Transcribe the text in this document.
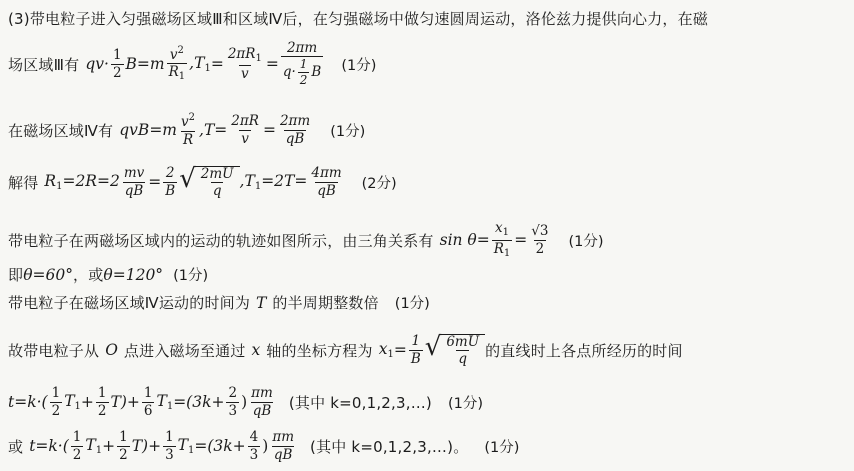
(3)带电粒子进入匀强磁场区域Ⅲ和区域Ⅳ后，在匀强磁场中做匀速圆周运动，洛伦兹力提供向心力，在磁
场区域Ⅲ有 $qv\cdot \frac{1}{2} B=m \frac{v^2}{R_1} ,T_1 = \frac{2\pi R_1}{v} = \frac{2\pi m}{q\cdot \frac{1}{2} B} (1$分)
在磁场区域Ⅳ有 $qvB=m \frac{v^2}{R} ,T= \frac{2\pi R}{v} = \frac{2\pi m}{qB} (1$分)
解得 $R_1=2R=2 \frac{mv}{qB} = \frac{2}{B}$ √ $\frac{2mU}{q} ,T_1=2T= \frac{4\pi m}{qB} (2$分)
带电粒子在两磁场区域内的运动的轨迹如图所示，由三角关系有 $\sin \theta= \frac{x_1}{R_1} = \frac{√3}{2} (1$分)
即 θ=60° ，或 θ=120° (1分)
带电粒子在磁场区域Ⅳ运动的时间为 T 的半周期整数倍 (1分)
故带电粒子从 O 点进入磁场至通过 x 轴的坐标方程为 $x_1 = \frac{1}{B}$ √ $\frac{6mU}{q}$ 的直线时上各点所经历的时间
$t=k\cdot( \frac{1}{2} T_1 + \frac{1}{2} T)+ \frac{1}{6} T_1 =(3k+ \frac{2}{3}$ ) $\frac{\pi m}{qB}$ (其中 k=0,1,2,3,…) (1分)
或 $t=k\cdot( \frac{1}{2} T_1 + \frac{1}{2} T)+ \frac{1}{3} T_1 =(3k+ \frac{4}{3}$ ) $\frac{\pi m}{qB}$ (其中 k=0,1,2,3,…)。 (1分)
